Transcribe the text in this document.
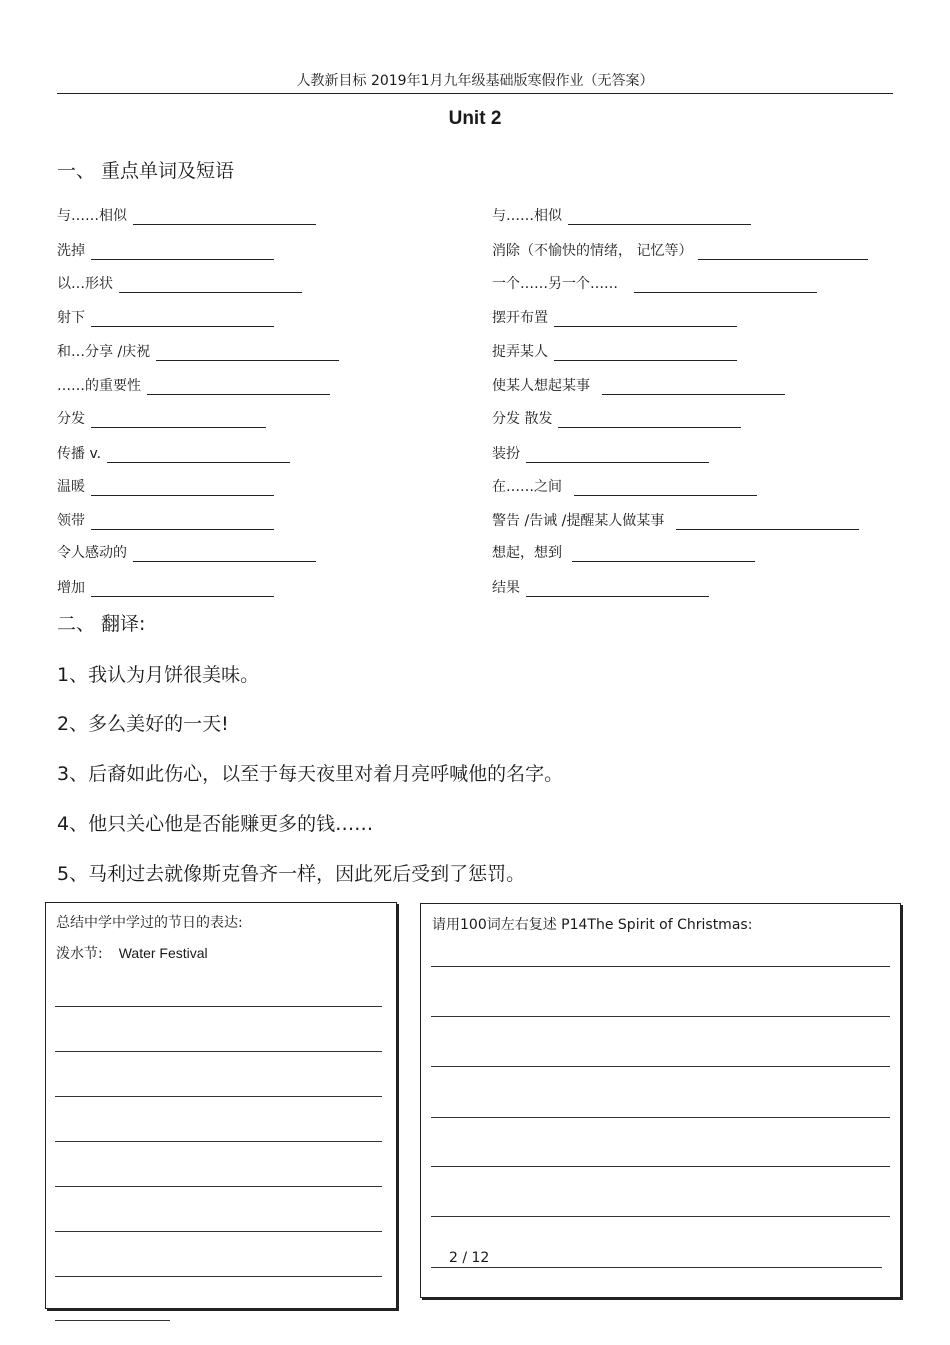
人教新目标 2019年1月九年级基础版寒假作业（无答案）
Unit 2
一、 重点单词及短语
与……相似
洗掉
以…形状
射下
和…分享 /庆祝
……的重要性
分发
传播 v.
温暖
领带
令人感动的
增加
与……相似
消除（不愉快的情绪， 记忆等）
一个……另一个……
摆开布置
捉弄某人
使某人想起某事
分发 散发
装扮
在……之间
警告 /告诫 /提醒某人做某事
想起，想到
结果
二、 翻译:
1、我认为月饼很美味。
2、多么美好的一天!
3、后裔如此伤心，以至于每天夜里对着月亮呼喊他的名字。
4、他只关心他是否能赚更多的钱……
5、马利过去就像斯克鲁齐一样，因此死后受到了惩罚。
总结中学中学过的节日的表达:
泼水节: Water Festival
请用100词左右复述 P14The Spirit of Christmas:
2 / 12
